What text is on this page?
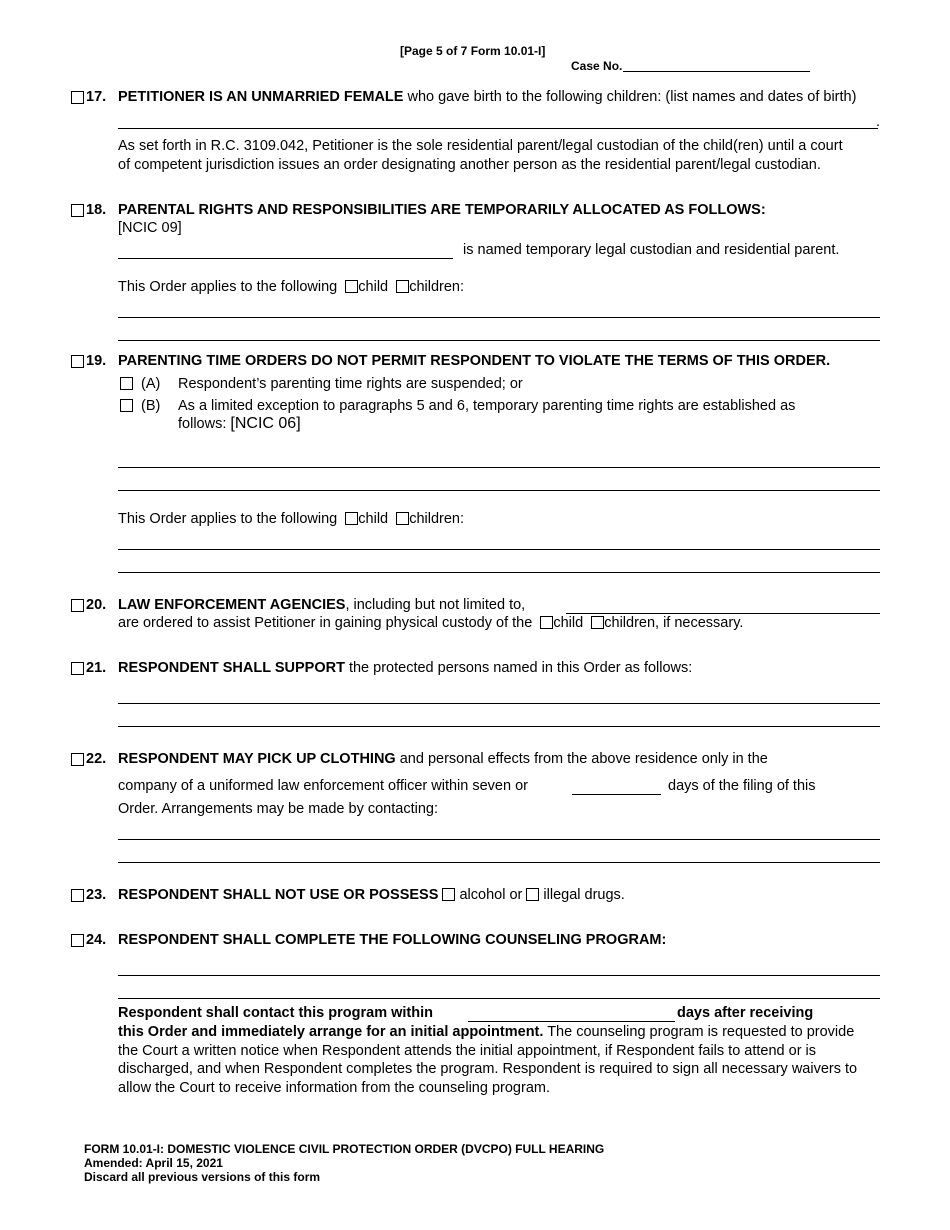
[Page 5 of 7 Form 10.01-I]
Case No.
17. PETITIONER IS AN UNMARRIED FEMALE who gave birth to the following children: (list names and dates of birth)
.
As set forth in R.C. 3109.042, Petitioner is the sole residential parent/legal custodian of the child(ren) until a court of competent jurisdiction issues an order designating another person as the residential parent/legal custodian.
18. PARENTAL RIGHTS AND RESPONSIBILITIES ARE TEMPORARILY ALLOCATED AS FOLLOWS:
[NCIC 09]
is named temporary legal custodian and residential parent.
This Order applies to the following child children:
19. PARENTING TIME ORDERS DO NOT PERMIT RESPONDENT TO VIOLATE THE TERMS OF THIS ORDER.
(A) Respondent’s parenting time rights are suspended; or
(B) As a limited exception to paragraphs 5 and 6, temporary parenting time rights are established as
follows: [NCIC 06]
This Order applies to the following child children:
20. LAW ENFORCEMENT AGENCIES, including but not limited to,
are ordered to assist Petitioner in gaining physical custody of the child children, if necessary.
21. RESPONDENT SHALL SUPPORT the protected persons named in this Order as follows:
22. RESPONDENT MAY PICK UP CLOTHING and personal effects from the above residence only in the
company of a uniformed law enforcement officer within seven or	days of the filing of this
Order. Arrangements may be made by contacting:
23. RESPONDENT SHALL NOT USE OR POSSESS alcohol or illegal drugs.
24. RESPONDENT SHALL COMPLETE THE FOLLOWING COUNSELING PROGRAM:
Respondent shall contact this program within	days after receiving
this Order and immediately arrange for an initial appointment. The counseling program is requested to provide the Court a written notice when Respondent attends the initial appointment, if Respondent fails to attend or is discharged, and when Respondent completes the program. Respondent is required to sign all necessary waivers to allow the Court to receive information from the counseling program.
FORM 10.01-I: DOMESTIC VIOLENCE CIVIL PROTECTION ORDER (DVCPO) FULL HEARING
Amended: April 15, 2021
Discard all previous versions of this form
